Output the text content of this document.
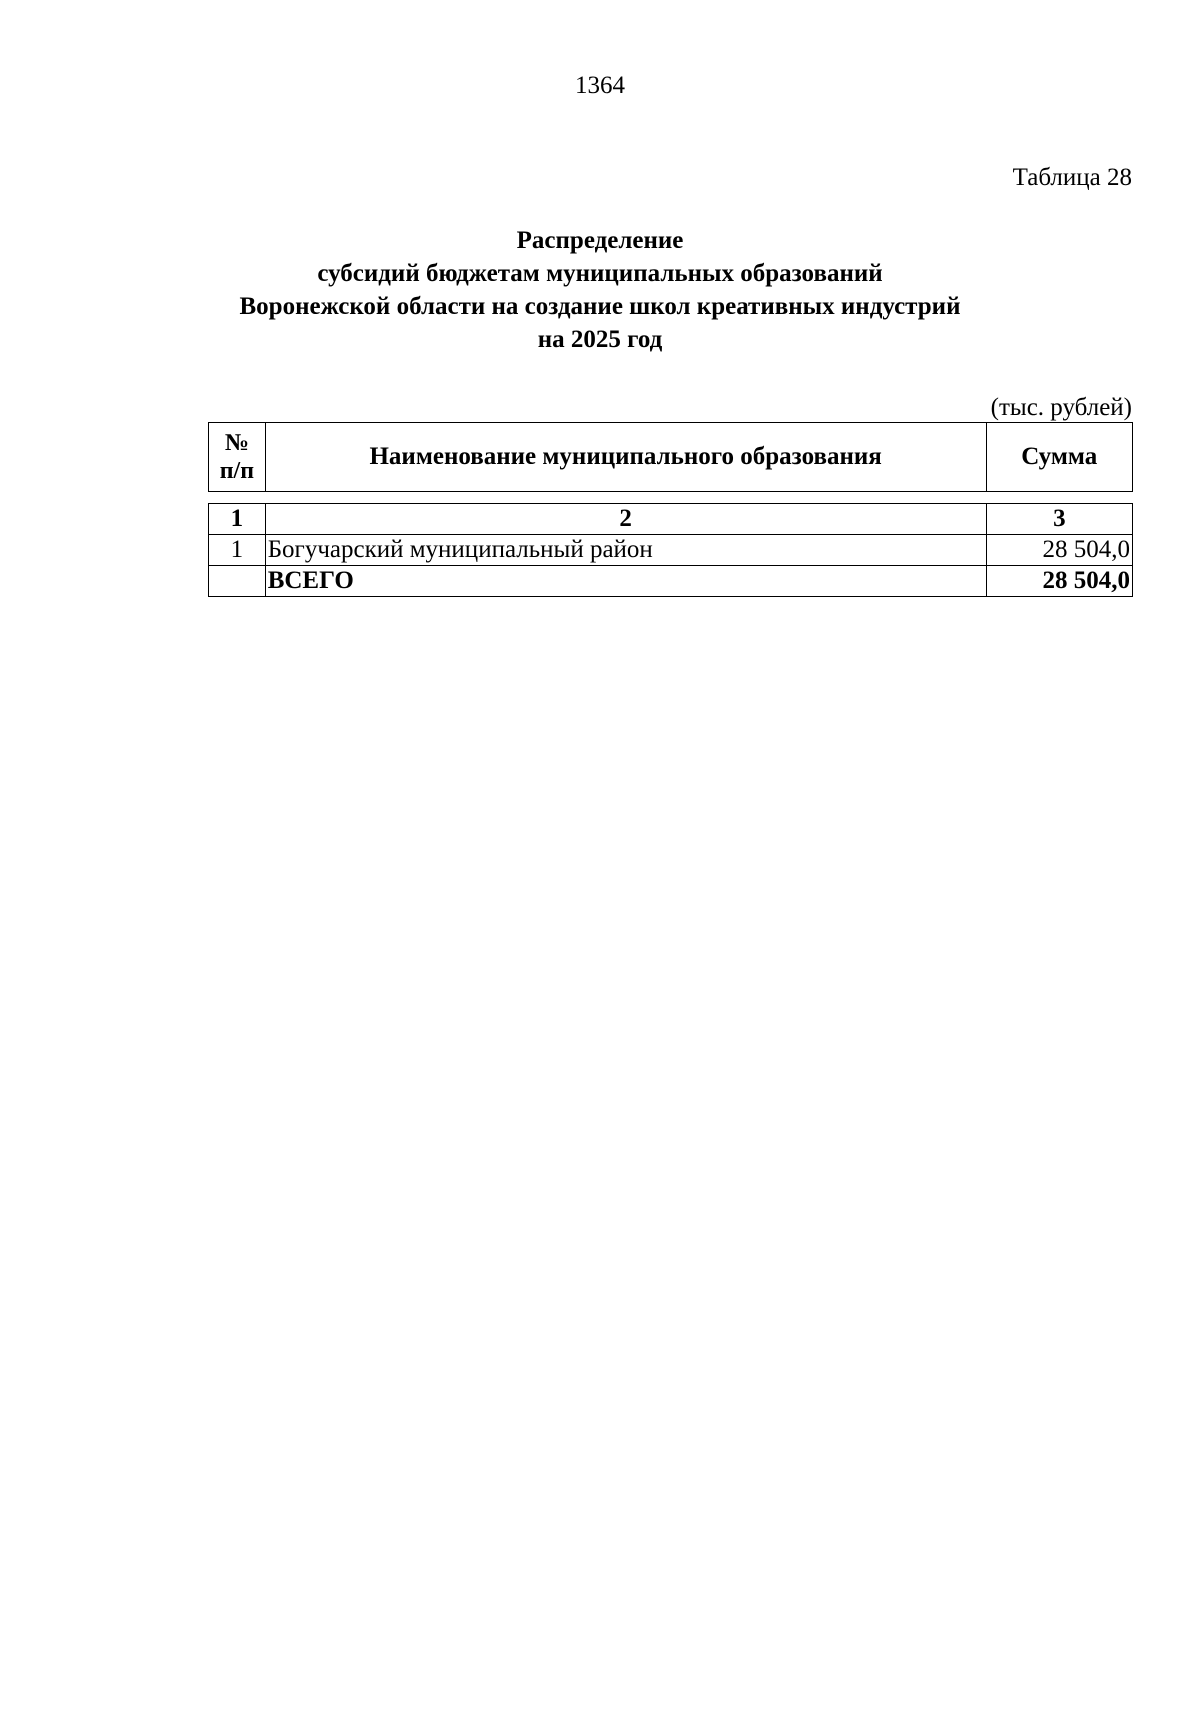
1364
Таблица 28
Распределение
субсидий бюджетам муниципальных образований
Воронежской области на создание школ креативных индустрий
на 2025 год
(тыс. рублей)
№
п/п
	Наименование муниципального образования	Сумма
1	2	3
1	Богучарский муниципальный район	28 504,0
	ВСЕГО	28 504,0
